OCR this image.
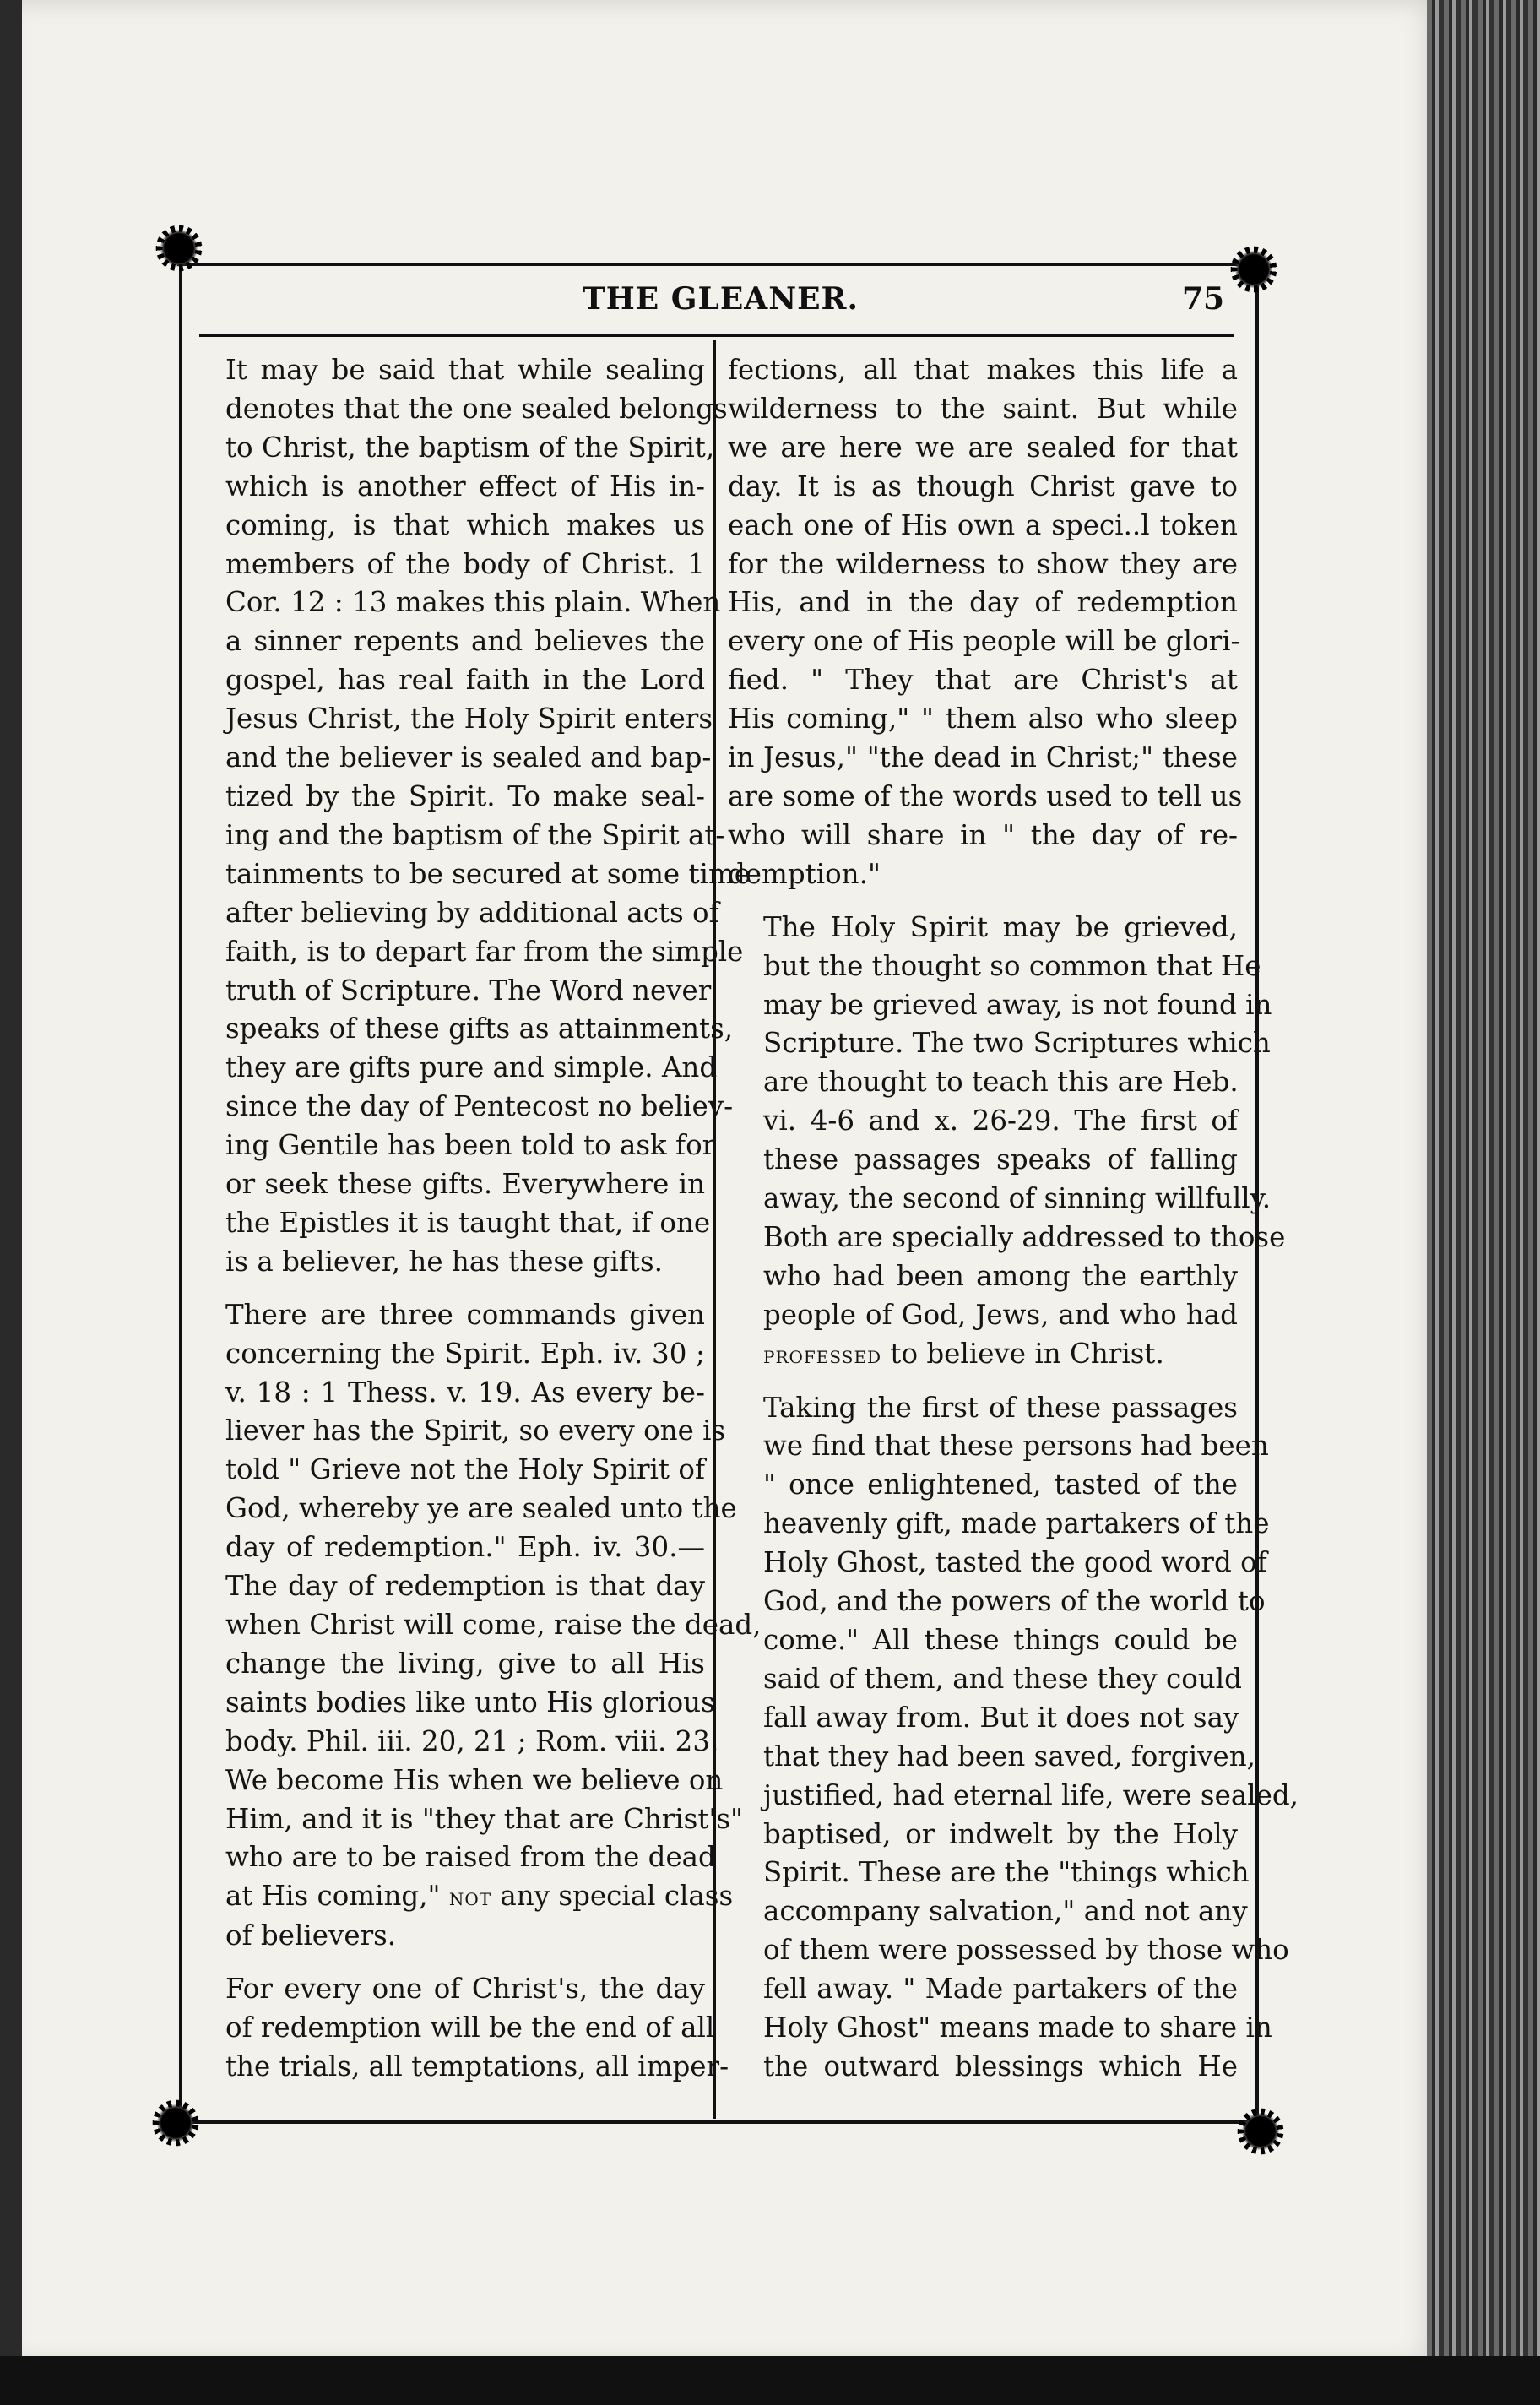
THE GLEANER.	75

It may be said that while sealing
denotes that the one sealed belongs
to Christ, the baptism of the Spirit,
which is another effect of His in-
coming, is that which makes us
members of the body of Christ. 1
Cor. 12 : 13 makes this plain. When
a sinner repents and believes the
gospel, has real faith in the Lord
Jesus Christ, the Holy Spirit enters
and the believer is sealed and bap-
tized by the Spirit. To make seal-
ing and the baptism of the Spirit at-
tainments to be secured at some time
after believing by additional acts of
faith, is to depart far from the simple
truth of Scripture. The Word never
speaks of these gifts as attainments,
they are gifts pure and simple. And
since the day of Pentecost no believ-
ing Gentile has been told to ask for
or seek these gifts. Everywhere in
the Epistles it is taught that, if one
is a believer, he has these gifts.

There are three commands given
concerning the Spirit. Eph. iv. 30 ;
v. 18 : 1 Thess. v. 19. As every be-
liever has the Spirit, so every one is
told " Grieve not the Holy Spirit of
God, whereby ye are sealed unto the
day of redemption." Eph. iv. 30.—
The day of redemption is that day
when Christ will come, raise the dead,
change the living, give to all His
saints bodies like unto His glorious
body. Phil. iii. 20, 21 ; Rom. viii. 23.
We become His when we believe on
Him, and it is "they that are Christ's"
who are to be raised from the dead
at His coming," not any special class
of believers.

For every one of Christ's, the day
of redemption will be the end of all
the trials, all temptations, all imper-

fections, all that makes this life a
wilderness to the saint. But while
we are here we are sealed for that
day. It is as though Christ gave to
each one of His own a speci..l token
for the wilderness to show they are
His, and in the day of redemption
every one of His people will be glori-
fied. " They that are Christ's at
His coming," " them also who sleep
in Jesus," "the dead in Christ;" these
are some of the words used to tell us
who will share in " the day of re-
demption."

The Holy Spirit may be grieved,
but the thought so common that He
may be grieved away, is not found in
Scripture. The two Scriptures which
are thought to teach this are Heb.
vi. 4-6 and x. 26-29. The first of
these passages speaks of falling
away, the second of sinning willfully.
Both are specially addressed to those
who had been among the earthly
people of God, Jews, and who had
professed to believe in Christ.

Taking the first of these passages
we find that these persons had been
" once enlightened, tasted of the
heavenly gift, made partakers of the
Holy Ghost, tasted the good word of
God, and the powers of the world to
come." All these things could be
said of them, and these they could
fall away from. But it does not say
that they had been saved, forgiven,
justified, had eternal life, were sealed,
baptised, or indwelt by the Holy
Spirit. These are the "things which
accompany salvation," and not any
of them were possessed by those who
fell away. " Made partakers of the
Holy Ghost" means made to share in
the outward blessings which He
